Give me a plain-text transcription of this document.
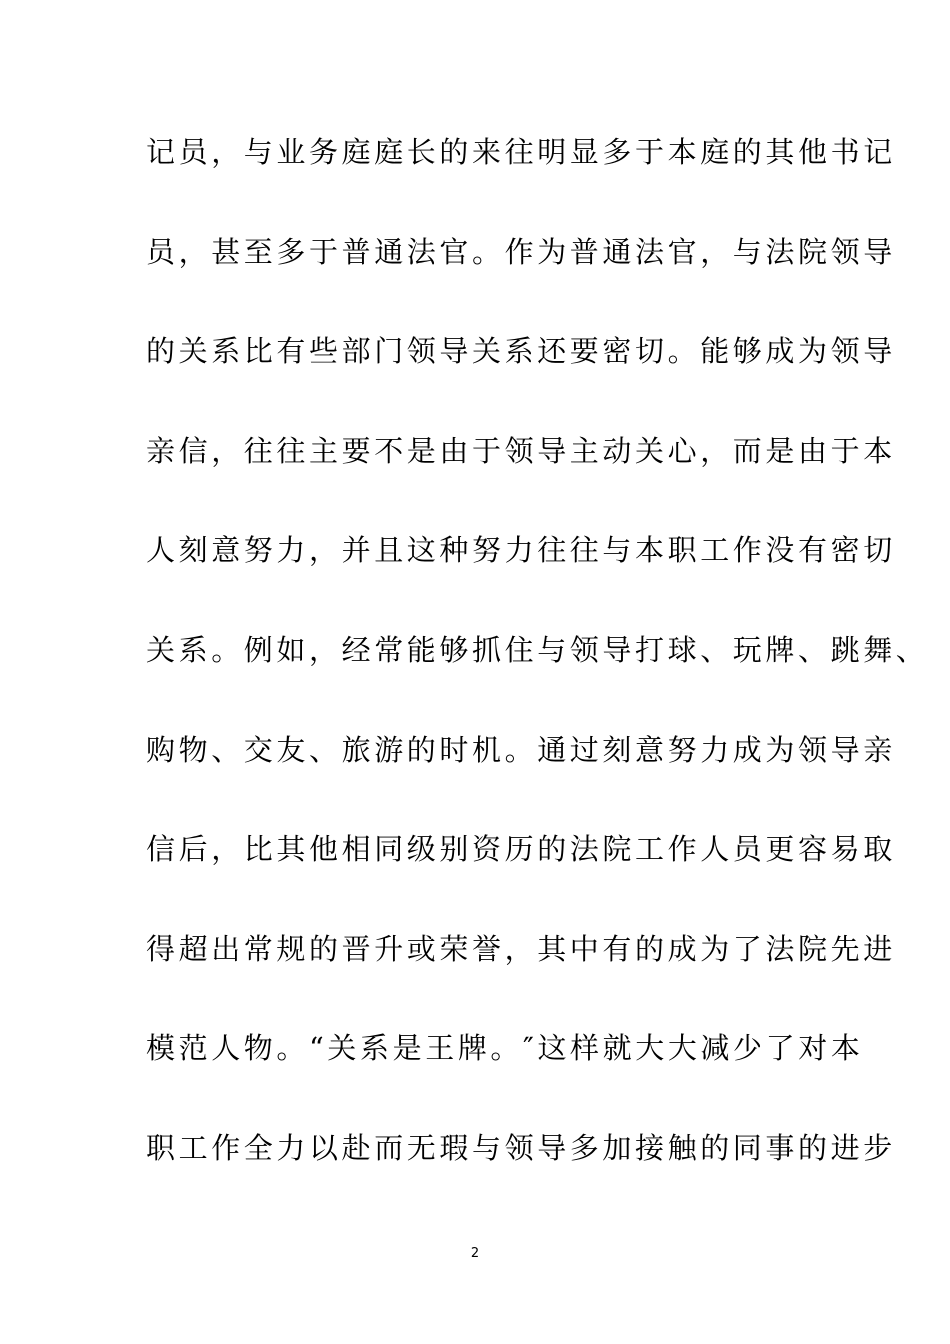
记员，与业务庭庭长的来往明显多于本庭的其他书记
员，甚至多于普通法官。作为普通法官，与法院领导
的关系比有些部门领导关系还要密切。能够成为领导
亲信，往往主要不是由于领导主动关心，而是由于本
人刻意努力，并且这种努力往往与本职工作没有密切
关系。例如，经常能够抓住与领导打球、玩牌、跳舞、
购物、交友、旅游的时机。通过刻意努力成为领导亲
信后，比其他相同级别资历的法院工作人员更容易取
得超出常规的晋升或荣誉，其中有的成为了法院先进
模范人物。“关系是王牌。″这样就大大减少了对本
职工作全力以赴而无瑕与领导多加接触的同事的进步
2
